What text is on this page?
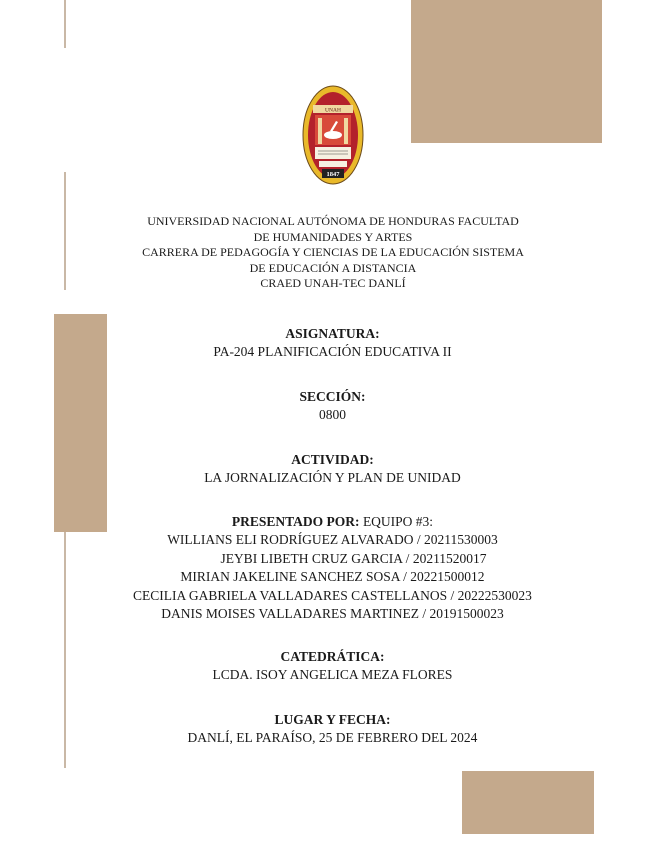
UNAH
1847
UNIVERSIDAD NACIONAL AUTÓNOMA DE HONDURAS FACULTAD
DE HUMANIDADES Y ARTES
CARRERA DE PEDAGOGÍA Y CIENCIAS DE LA EDUCACIÓN SISTEMA
DE EDUCACIÓN A DISTANCIA
CRAED UNAH-TEC DANLÍ
ASIGNATURA:
PA-204 PLANIFICACIÓN EDUCATIVA II
SECCIÓN:
0800
ACTIVIDAD:
LA JORNALIZACIÓN Y PLAN DE UNIDAD
PRESENTADO POR: EQUIPO #3:
WILLIANS ELI RODRÍGUEZ ALVARADO / 20211530003
JEYBI LIBETH CRUZ GARCIA / 20211520017
MIRIAN JAKELINE SANCHEZ SOSA / 20221500012
CECILIA GABRIELA VALLADARES CASTELLANOS / 20222530023
DANIS MOISES VALLADARES MARTINEZ / 20191500023
CATEDRÁTICA:
LCDA. ISOY ANGELICA MEZA FLORES
LUGAR Y FECHA:
DANLÍ, EL PARAÍSO, 25 DE FEBRERO DEL 2024
